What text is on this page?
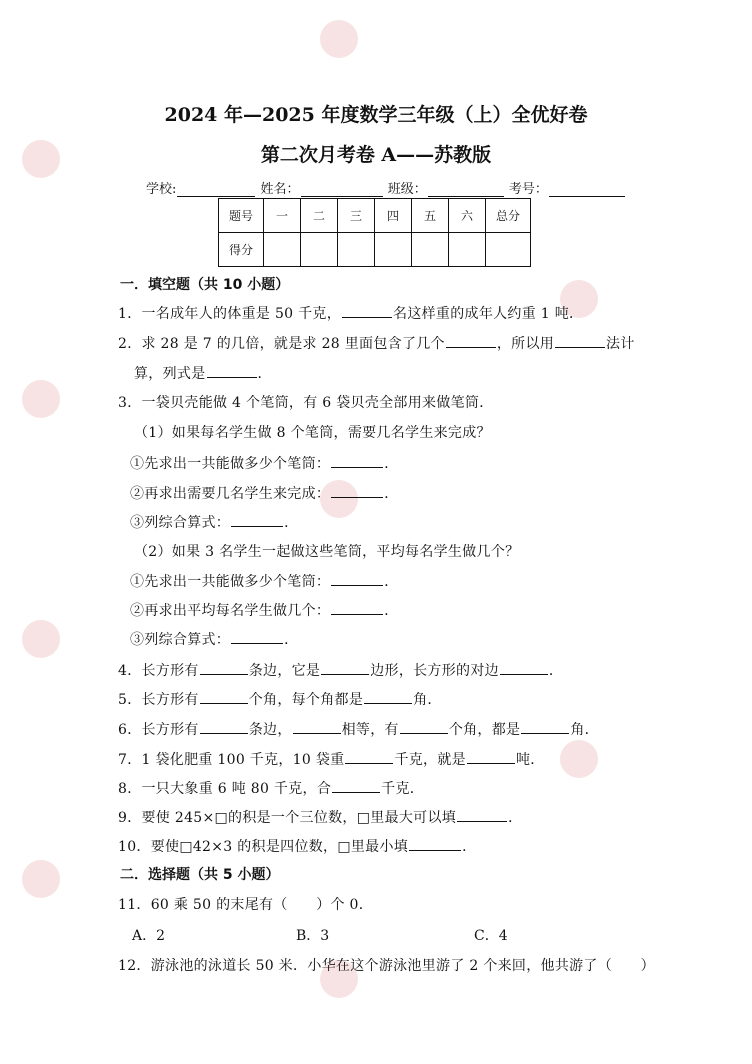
2024 年—2025 年度数学三年级（上）全优好卷
第二次月考卷 A——苏教版
学校:	姓名：	班级：	考号：
题号	一	二	三	四	五	六	总分
得分							
一．填空题（共 10 小题）
1．一名成年人的体重是 50 千克，	名这样重的成年人约重 1 吨．
2．求 28 是 7 的几倍，就是求 28 里面包含了几个	，所以用	法计
算，列式是	．
3．一袋贝壳能做 4 个笔筒，有 6 袋贝壳全部用来做笔筒．
（1）如果每名学生做 8 个笔筒，需要几名学生来完成？
①先求出一共能做多少个笔筒：	．
②再求出需要几名学生来完成：	．
③列综合算式：	．
（2）如果 3 名学生一起做这些笔筒，平均每名学生做几个？
①先求出一共能做多少个笔筒：	．
②再求出平均每名学生做几个：	．
③列综合算式：	．
4．长方形有	条边，它是	边形，长方形的对边	．
5．长方形有	个角，每个角都是	角．
6．长方形有	条边，	相等，有	个角，都是	角．
7．1 袋化肥重 100 千克，10 袋重	千克，就是	吨．
8．一只大象重 6 吨 80 千克，合	千克．
9．要使 245×□的积是一个三位数，□里最大可以填	．
10．要使□42×3 的积是四位数，□里最小填	．
二．选择题（共 5 小题）
11．60 乘 50 的末尾有（　　）个 0．
A．2	B．3	C．4
12．游泳池的泳道长 50 米．小华在这个游泳池里游了 2 个来回，他共游了（　　）
